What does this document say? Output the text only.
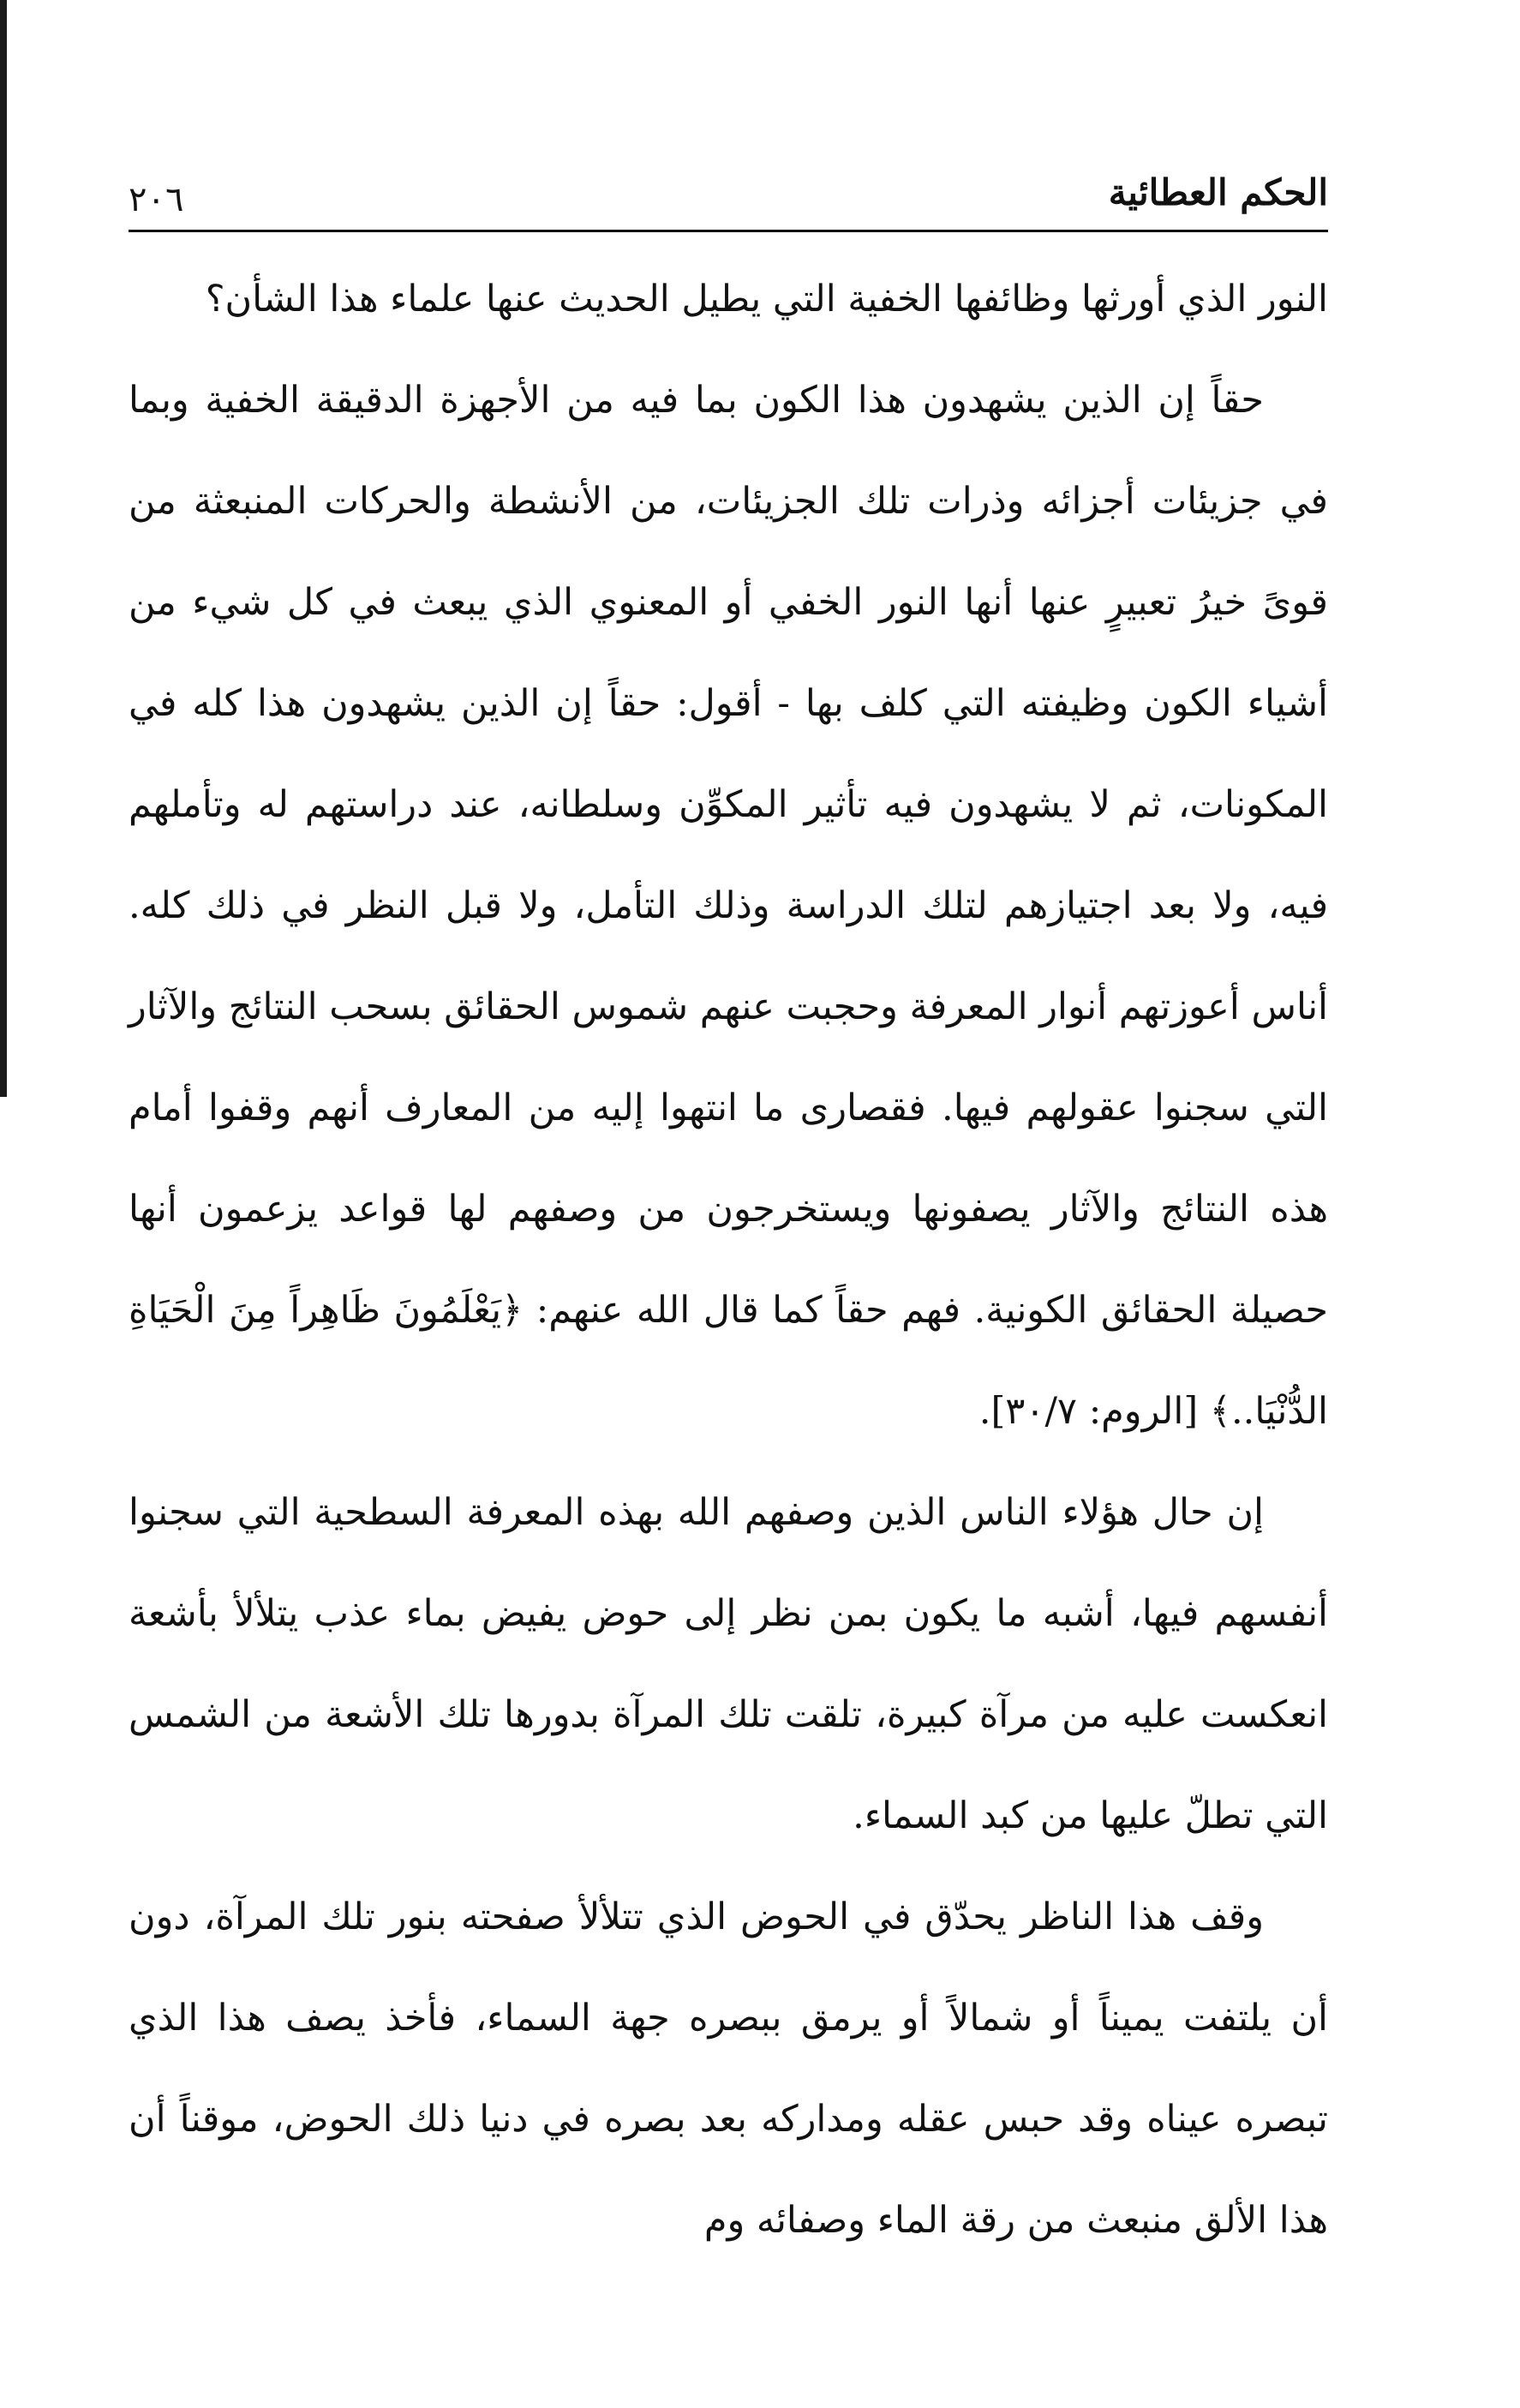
٢٠٦	الحكم العطائية

النور الذي أورثها وظائفها الخفية التي يطيل الحديث عنها علماء هذا الشأن؟

حقاً إن الذين يشهدون هذا الكون بما فيه من الأجهزة الدقيقة الخفية وبما في جزيئات أجزائه وذرات تلك الجزيئات، من الأنشطة والحركات المنبعثة من قوىً خيرُ تعبيرٍ عنها أنها النور الخفي أو المعنوي الذي يبعث في كل شيء من أشياء الكون وظيفته التي كلف بها - أقول: حقاً إن الذين يشهدون هذا كله في المكونات، ثم لا يشهدون فيه تأثير المكوِّن وسلطانه، عند دراستهم له وتأملهم فيه، ولا بعد اجتيازهم لتلك الدراسة وذلك التأمل، ولا قبل النظر في ذلك كله. أناس أعوزتهم أنوار المعرفة وحجبت عنهم شموس الحقائق بسحب النتائج والآثار التي سجنوا عقولهم فيها. فقصارى ما انتهوا إليه من المعارف أنهم وقفوا أمام هذه النتائج والآثار يصفونها ويستخرجون من وصفهم لها قواعد يزعمون أنها حصيلة الحقائق الكونية. فهم حقاً كما قال الله عنهم: ﴿يَعْلَمُونَ ظَاهِراً مِنَ الْحَيَاةِ الدُّنْيَا..﴾ [الروم: ٣٠/٧].

إن حال هؤلاء الناس الذين وصفهم الله بهذه المعرفة السطحية التي سجنوا أنفسهم فيها، أشبه ما يكون بمن نظر إلى حوض يفيض بماء عذب يتلألأ بأشعة انعكست عليه من مرآة كبيرة، تلقت تلك المرآة بدورها تلك الأشعة من الشمس التي تطلّ عليها من كبد السماء.

وقف هذا الناظر يحدّق في الحوض الذي تتلألأ صفحته بنور تلك المرآة، دون أن يلتفت يميناً أو شمالاً أو يرمق ببصره جهة السماء، فأخذ يصف هذا الذي تبصره عيناه وقد حبس عقله ومداركه بعد بصره في دنيا ذلك الحوض، موقناً أن هذا الألق منبعث من رقة الماء وصفائه وم
